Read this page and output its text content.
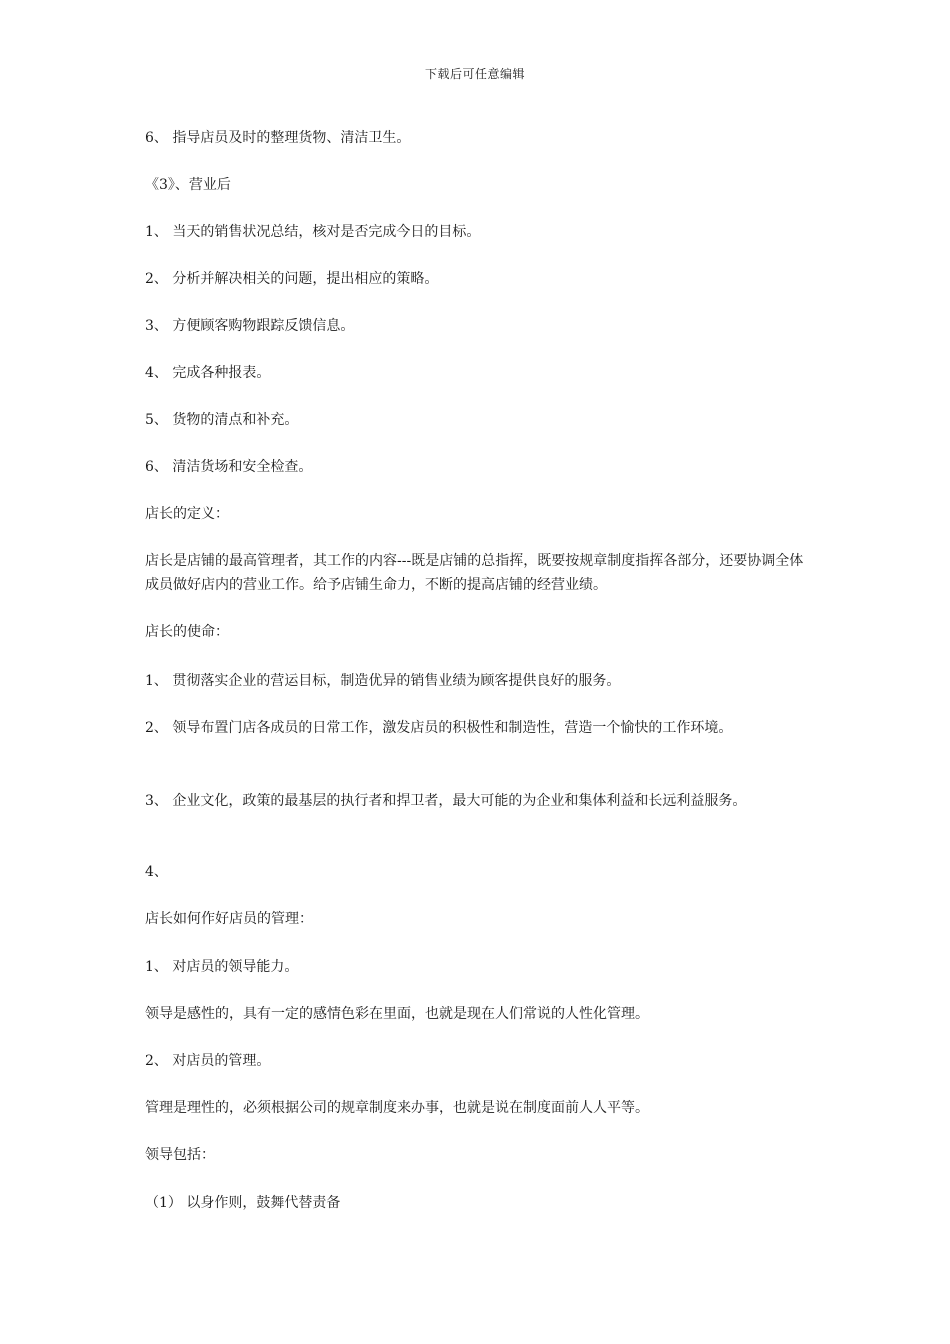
下载后可任意编辑
6、 指导店员及时的整理货物、清洁卫生。
《3》、营业后
1、 当天的销售状况总结，核对是否完成今日的目标。
2、 分析并解决相关的问题，提出相应的策略。
3、 方便顾客购物跟踪反馈信息。
4、 完成各种报表。
5、 货物的清点和补充。
6、 清洁货场和安全检查。
店长的定义：
店长是店铺的最高管理者，其工作的内容---既是店铺的总指挥，既要按规章制度指挥各部分，还要协调全体成员做好店内的营业工作。给予店铺生命力，不断的提高店铺的经营业绩。
店长的使命：
1、 贯彻落实企业的营运目标，制造优异的销售业绩为顾客提供良好的服务。
2、 领导布置门店各成员的日常工作，激发店员的积极性和制造性，营造一个愉快的工作环境。
3、 企业文化，政策的最基层的执行者和捍卫者，最大可能的为企业和集体利益和长远利益服务。
4、
店长如何作好店员的管理：
1、 对店员的领导能力。
领导是感性的，具有一定的感情色彩在里面，也就是现在人们常说的人性化管理。
2、 对店员的管理。
管理是理性的，必须根据公司的规章制度来办事，也就是说在制度面前人人平等。
领导包括：
（1） 以身作则，鼓舞代替责备
